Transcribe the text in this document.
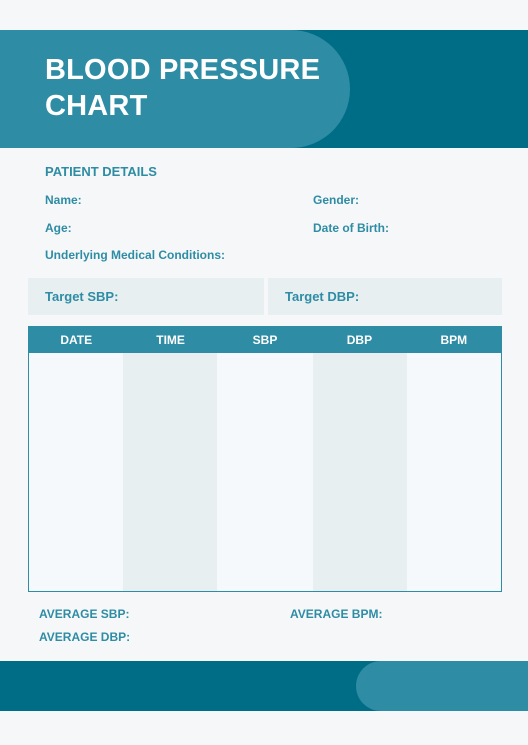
BLOOD PRESSURE CHART
PATIENT DETAILS
Name:	Gender:
Age:	Date of Birth:
Underlying Medical Conditions:
Target SBP:	Target DBP:
DATE	TIME	SBP	DBP	BPM
AVERAGE SBP:	AVERAGE BPM:
AVERAGE DBP:
